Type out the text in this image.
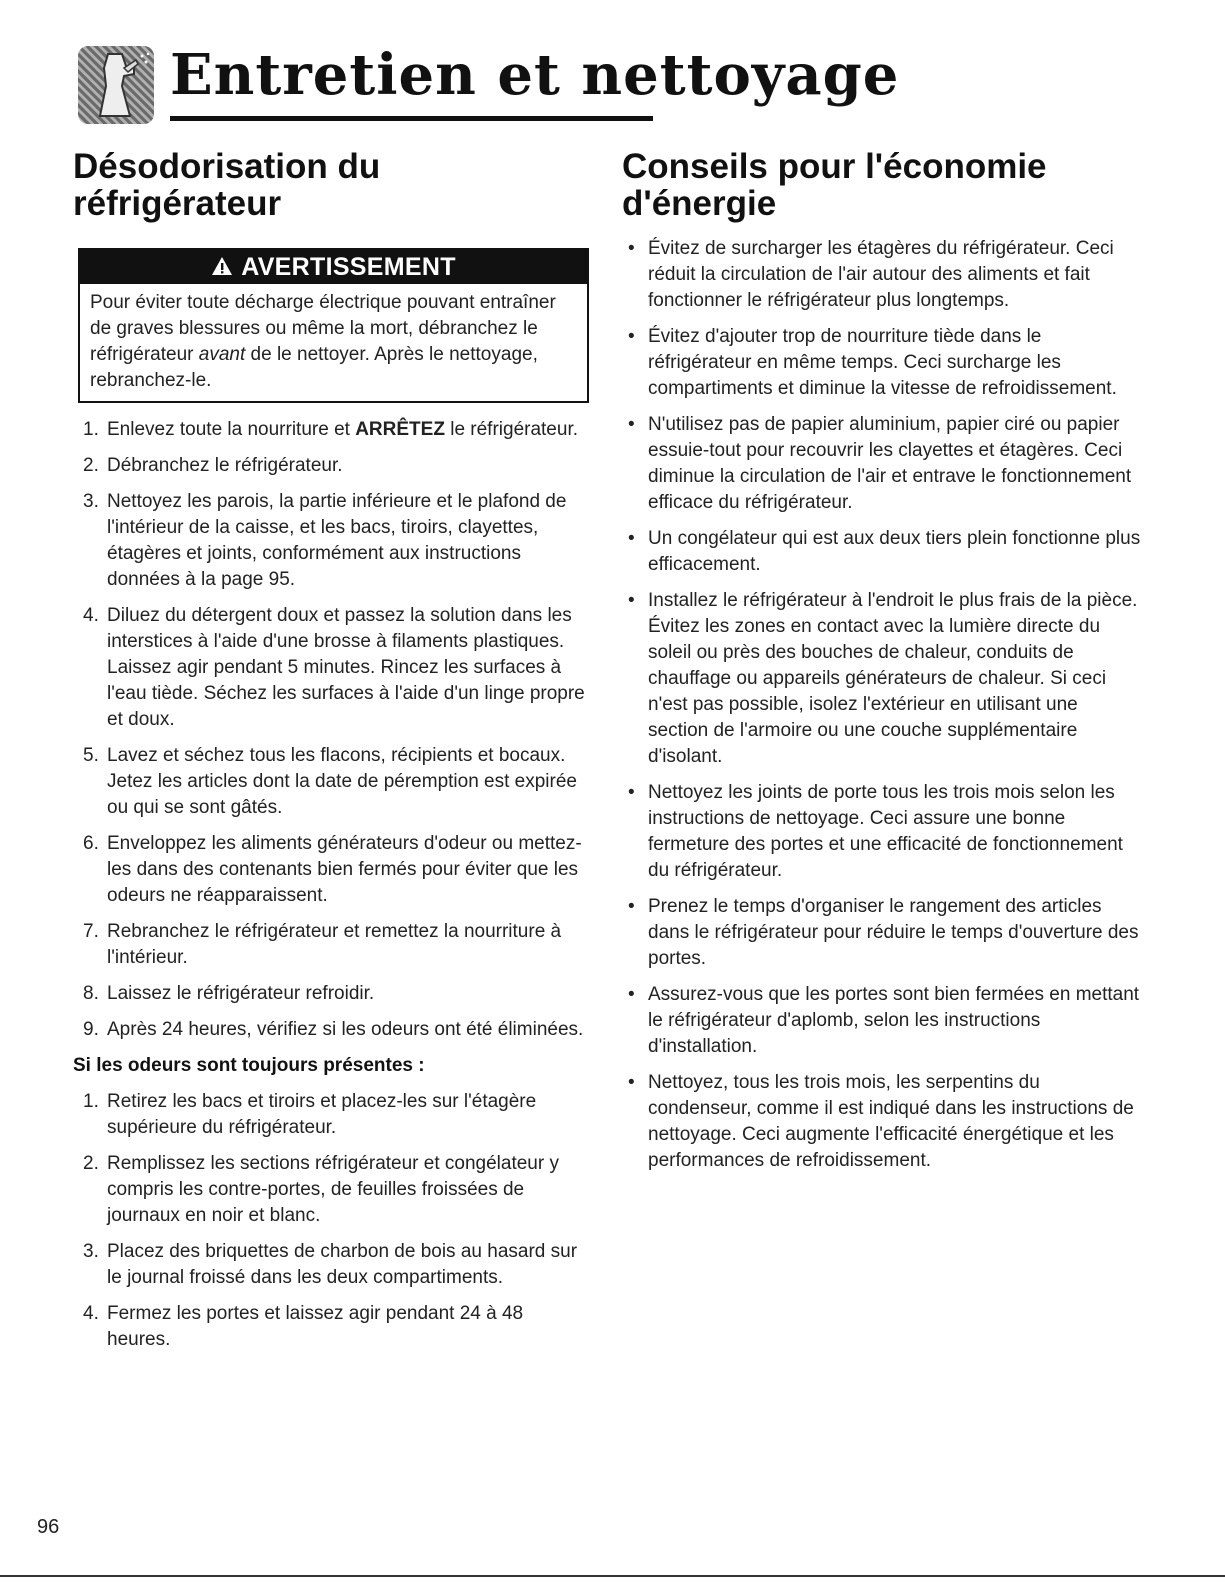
Entretien et nettoyage
Désodorisation du réfrigérateur
AVERTISSEMENT
Pour éviter toute décharge électrique pouvant entraîner de graves blessures ou même la mort, débranchez le réfrigérateur avant de le nettoyer. Après le nettoyage, rebranchez-le.
1. Enlevez toute la nourriture et ARRÊTEZ le réfrigérateur.
2. Débranchez le réfrigérateur.
3. Nettoyez les parois, la partie inférieure et le plafond de l'intérieur de la caisse, et les bacs, tiroirs, clayettes, étagères et joints, conformément aux instructions données à la page 95.
4. Diluez du détergent doux et passez la solution dans les interstices à l'aide d'une brosse à filaments plastiques. Laissez agir pendant 5 minutes. Rincez les surfaces à l'eau tiède. Séchez les surfaces à l'aide d'un linge propre et doux.
5. Lavez et séchez tous les flacons, récipients et bocaux. Jetez les articles dont la date de péremption est expirée ou qui se sont gâtés.
6. Enveloppez les aliments générateurs d'odeur ou mettez-les dans des contenants bien fermés pour éviter que les odeurs ne réapparaissent.
7. Rebranchez le réfrigérateur et remettez la nourriture à l'intérieur.
8. Laissez le réfrigérateur refroidir.
9. Après 24 heures, vérifiez si les odeurs ont été éliminées.
Si les odeurs sont toujours présentes :
1. Retirez les bacs et tiroirs et placez-les sur l'étagère supérieure du réfrigérateur.
2. Remplissez les sections réfrigérateur et congélateur y compris les contre-portes, de feuilles froissées de journaux en noir et blanc.
3. Placez des briquettes de charbon de bois au hasard sur le journal froissé dans les deux compartiments.
4. Fermez les portes et laissez agir pendant 24 à 48 heures.
Conseils pour l'économie d'énergie
• Évitez de surcharger les étagères du réfrigérateur. Ceci réduit la circulation de l'air autour des aliments et fait fonctionner le réfrigérateur plus longtemps.
• Évitez d'ajouter trop de nourriture tiède dans le réfrigérateur en même temps. Ceci surcharge les compartiments et diminue la vitesse de refroidissement.
• N'utilisez pas de papier aluminium, papier ciré ou papier essuie-tout pour recouvrir les clayettes et étagères. Ceci diminue la circulation de l'air et entrave le fonctionnement efficace du réfrigérateur.
• Un congélateur qui est aux deux tiers plein fonctionne plus efficacement.
• Installez le réfrigérateur à l'endroit le plus frais de la pièce. Évitez les zones en contact avec la lumière directe du soleil ou près des bouches de chaleur, conduits de chauffage ou appareils générateurs de chaleur. Si ceci n'est pas possible, isolez l'extérieur en utilisant une section de l'armoire ou une couche supplémentaire d'isolant.
• Nettoyez les joints de porte tous les trois mois selon les instructions de nettoyage. Ceci assure une bonne fermeture des portes et une efficacité de fonctionnement du réfrigérateur.
• Prenez le temps d'organiser le rangement des articles dans le réfrigérateur pour réduire le temps d'ouverture des portes.
• Assurez-vous que les portes sont bien fermées en mettant le réfrigérateur d'aplomb, selon les instructions d'installation.
• Nettoyez, tous les trois mois, les serpentins du condenseur, comme il est indiqué dans les instructions de nettoyage. Ceci augmente l'efficacité énergétique et les performances de refroidissement.

96
